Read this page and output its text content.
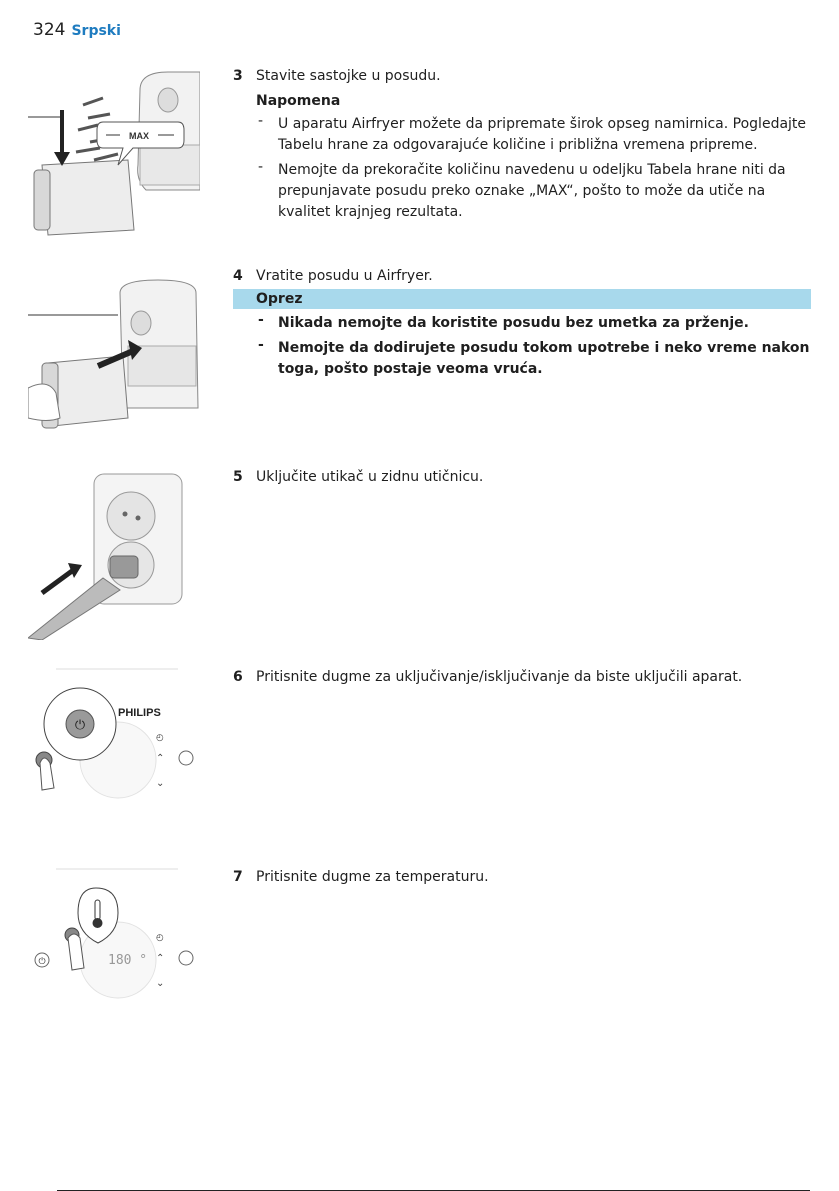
324 Srpski
MAX
3 Stavite sastojke u posudu.
Napomena
- U aparatu Airfryer možete da pripremate širok opseg namirnica. Pogledajte Tabelu hrane za odgovarajuće količine i približna vremena pripreme.
- Nemojte da prekoračite količinu navedenu u odeljku Tabela hrane niti da prepunjavate posudu preko oznake „MAX“, pošto to može da utiče na kvalitet krajnjeg rezultata.
4 Vratite posudu u Airfryer.
Oprez
- Nikada nemojte da koristite posudu bez umetka za prženje.
- Nemojte da dodirujete posudu tokom upotrebe i neko vreme nakon toga, pošto postaje veoma vruća.
5 Uključite utikač u zidnu utičnicu.
PHILIPS
⏻
◴
⌃
⌄
6 Pritisnite dugme za uključivanje/isključivanje da biste uključili aparat.
180 °
⏻
◴
⌃
⌄
7 Pritisnite dugme za temperaturu.
